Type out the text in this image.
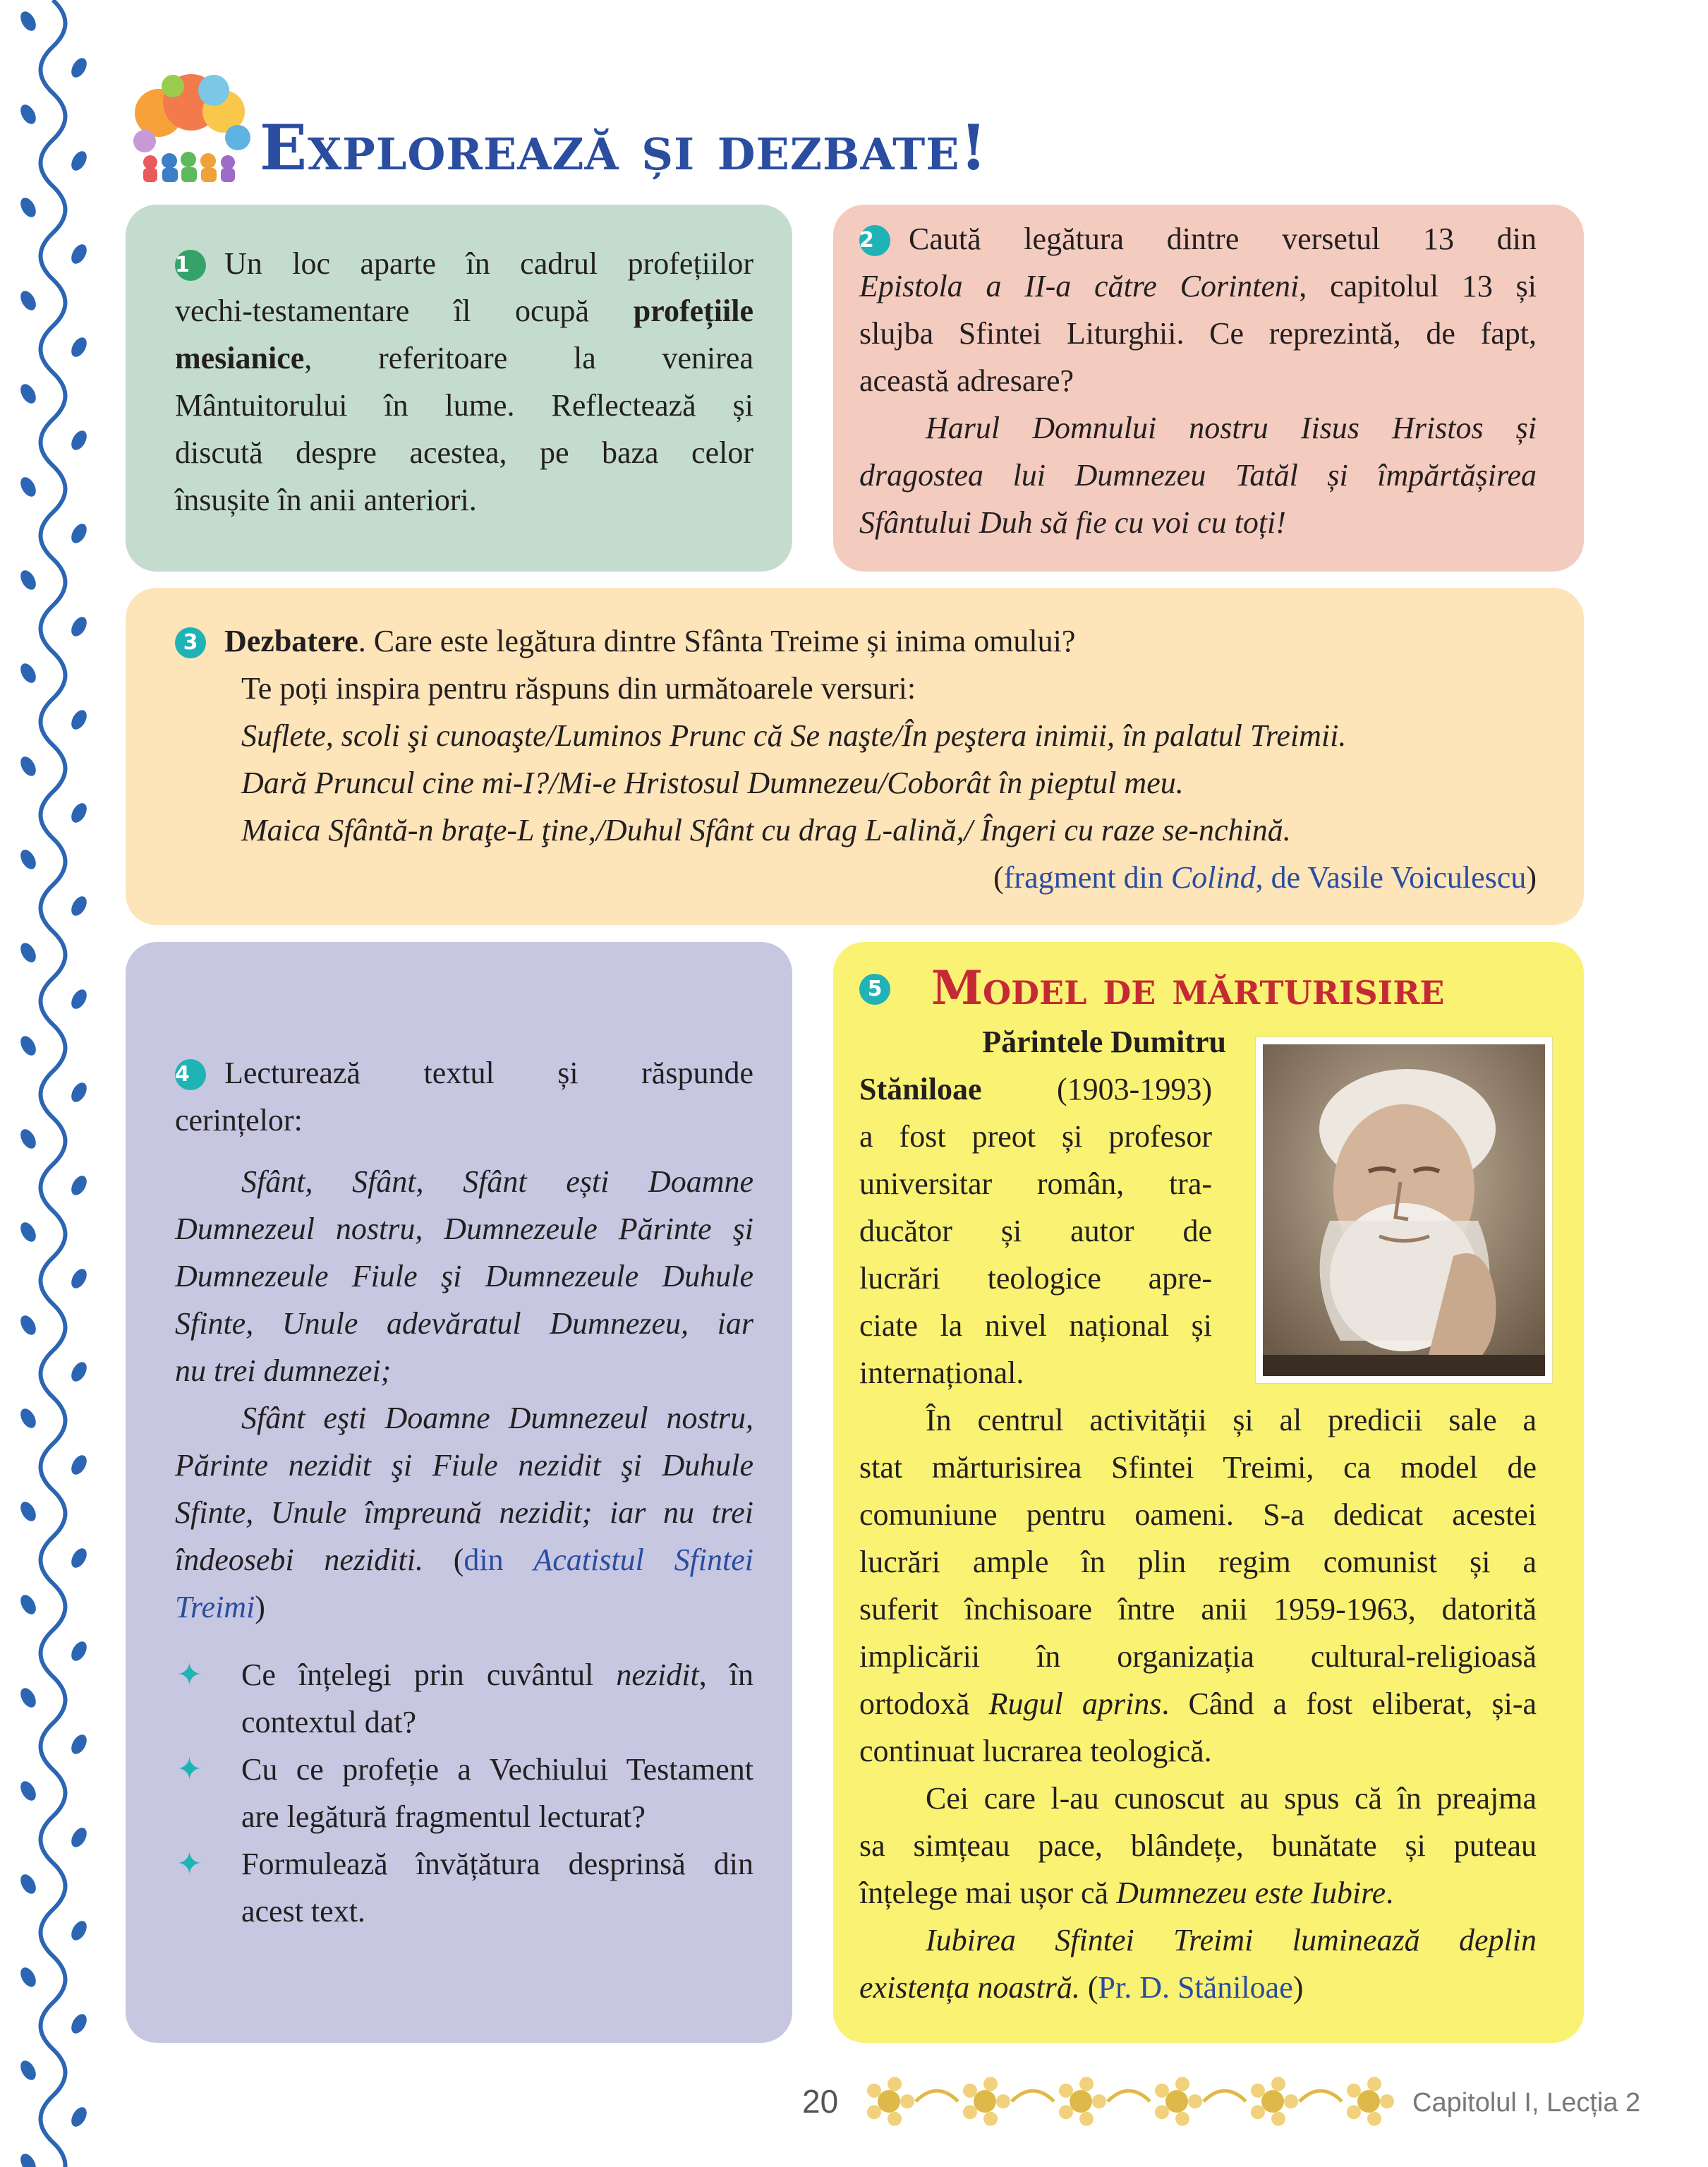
Explorează și dezbate!
1 Un loc aparte în cadrul profețiilor
vechi-testamentare îl ocupă profețiile
mesianice, referitoare la venirea
Mântuitorului în lume. Reflectează și
discută despre acestea, pe baza celor
însușite în anii anteriori.
2 Caută legătura dintre versetul 13 din
Epistola a II-a către Corinteni, capitolul 13 și
slujba Sfintei Liturghii. Ce reprezintă, de fapt,
această adresare?
Harul Domnului nostru Iisus Hristos și
dragostea lui Dumnezeu Tatăl și împărtășirea
Sfântului Duh să fie cu voi cu toți!
3 Dezbatere. Care este legătura dintre Sfânta Treime și inima omului?
Te poți inspira pentru răspuns din următoarele versuri:
Suflete, scoli şi cunoaşte/Luminos Prunc că Se naşte/În peştera inimii, în palatul Treimii.
Dară Pruncul cine mi-I?/Mi-e Hristosul Dumnezeu/Coborât în pieptul meu.
Maica Sfântă-n braţe-L ţine,/Duhul Sfânt cu drag L-alină,/ Îngeri cu raze se-nchină.
(fragment din Colind, de Vasile Voiculescu)
4 Lecturează textul și răspunde
cerințelor:
Sfânt, Sfânt, Sfânt ești Doamne
Dumnezeul nostru, Dumnezeule Părinte şi
Dumnezeule Fiule şi Dumnezeule Duhule
Sfinte, Unule adevăratul Dumnezeu, iar
nu trei dumnezei;
Sfânt eşti Doamne Dumnezeul nostru,
Părinte nezidit şi Fiule nezidit şi Duhule
Sfinte, Unule împreună nezidit; iar nu trei
îndeosebi neziditi. (din Acatistul Sfintei
Treimi)
✦
✦
✦
Ce înțelegi prin cuvântul nezidit, în
contextul dat?
Cu ce profeție a Vechiului Testament
are legătură fragmentul lecturat?
Formulează învățătura desprinsă din
acest text.
5 Model de mărturisire
Părintele Dumitru
Stăniloae (1903-1993)
a fost preot și profesor
universitar român, tra-
ducător și autor de
lucrări teologice apre-
ciate la nivel național și
internațional.
În centrul activității și al predicii sale a
stat mărturisirea Sfintei Treimi, ca model de
comuniune pentru oameni. S-a dedicat acestei
lucrări ample în plin regim comunist și a
suferit închisoare între anii 1959-1963, datorită
implicării în organizația cultural-religioasă
ortodoxă Rugul aprins. Când a fost eliberat, și-a
continuat lucrarea teologică.
Cei care l-au cunoscut au spus că în preajma
sa simțeau pace, blândețe, bunătate și puteau
înțelege mai ușor că Dumnezeu este Iubire.
Iubirea Sfintei Treimi luminează deplin
existența noastră. (Pr. D. Stăniloae)
20	Capitolul I, Lecția 2
